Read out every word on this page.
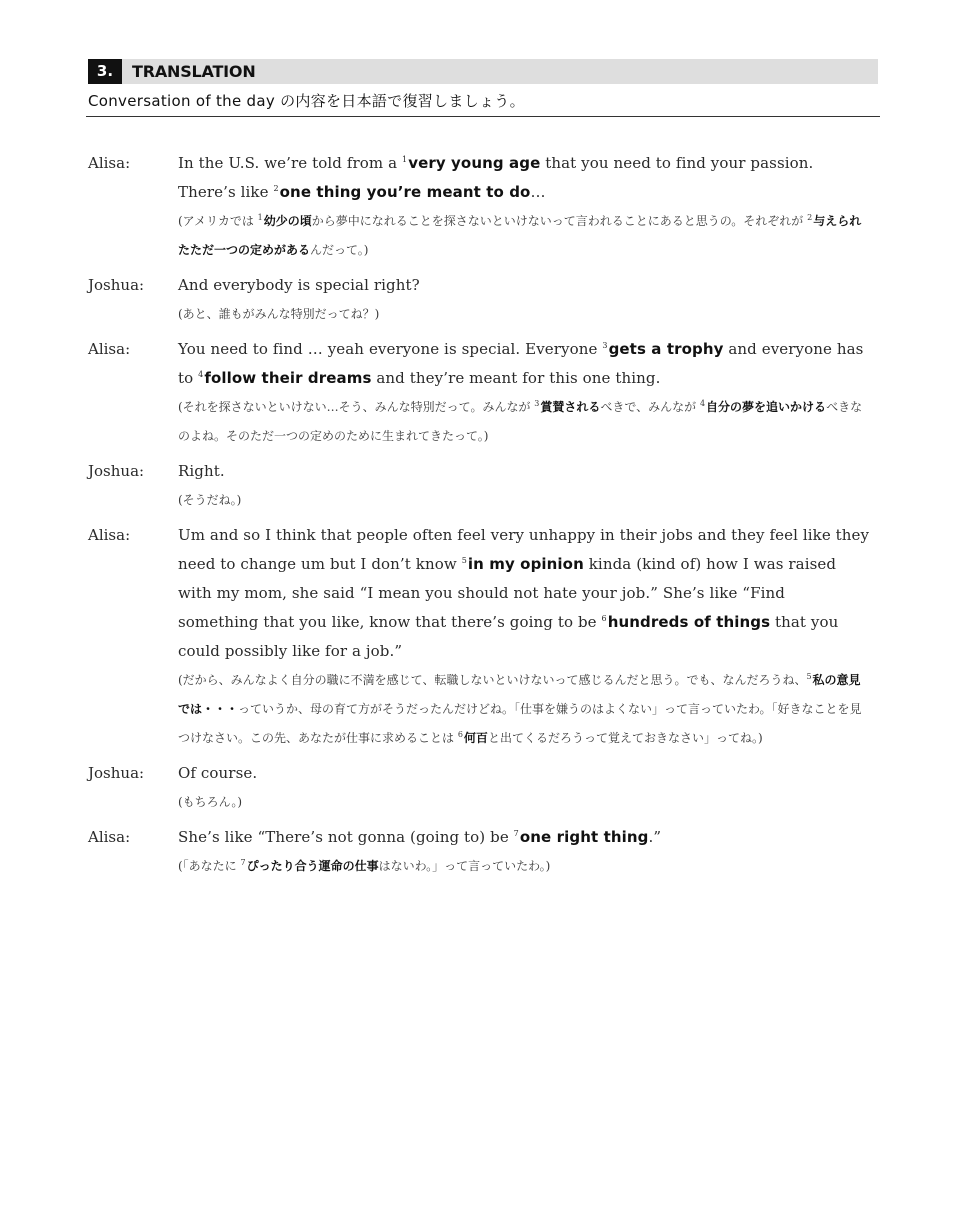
3.	TRANSLATION
Conversation of the day の内容を日本語で復習しましょう。
Alisa:	In the U.S. we’re told from a $^1$very young age that you need to find your passion. There’s like $^2$one thing you’re meant to do…
(アメリカでは $^1$幼少の頃から夢中になれることを探さないといけないって言われることにあると思うの。それぞれが $^2$与えられたただ一つの定めがあるんだって。)
Joshua: And everybody is special right?
(あと、誰もがみんな特別だってね？)
Alisa:	You need to find … yeah everyone is special. Everyone $^3$gets a trophy and everyone has to $^4$follow their dreams and they’re meant for this one thing.
(それを探さないといけない…そう、みんな特別だって。みんなが $^3$賞賛されるべきで、みんなが $^4$自分の夢を追いかけるべきなのよね。そのただ一つの定めのために生まれてきたって。)
Joshua: Right.
(そうだね。)
Alisa:	Um and so I think that people often feel very unhappy in their jobs and they feel like they need to change um but I don’t know $^5$in my opinion kinda (kind of) how I was raised with my mom, she said “I mean you should not hate your job.” She’s like “Find something that you like, know that there’s going to be $^6$hundreds of things that you could possibly like for a job.”
(だから、みんなよく自分の職に不満を感じて、転職しないといけないって感じるんだと思う。でも、なんだろうね、$^5$私の意見では・・・っていうか、母の育て方がそうだったんだけどね。「仕事を嫌うのはよくない」って言っていたわ。「好きなことを見つけなさい。この先、あなたが仕事に求めることは $^6$何百と出てくるだろうって覚えておきなさい」ってね。)
Joshua: Of course.
(もちろん。)
Alisa:	She’s like “There’s not gonna (going to) be $^7$one right thing.”
(「あなたに $^7$ぴったり合う運命の仕事はないわ。」って言っていたわ。)
